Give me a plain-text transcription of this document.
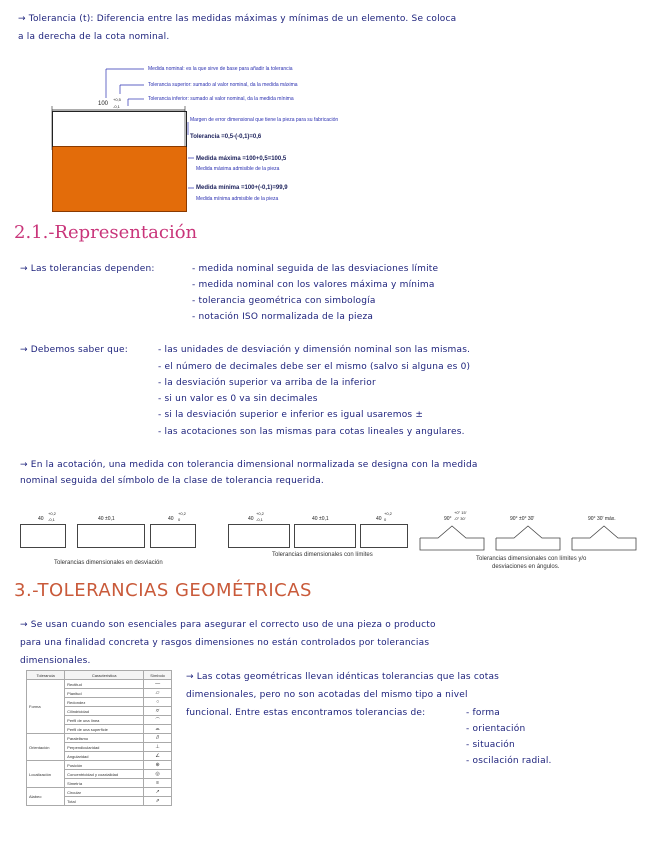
→ Tolerancia (t): Diferencia entre las medidas máximas y mínimas de un elemento. Se coloca
a la derecha de la cota nominal.
100
+0,5
-0,1
Medida nominal: es la que sirve de base para añadir la tolerancia
Tolerancia superior: sumado al valor nominal, da la medida máxima
Tolerancia inferior: sumado al valor nominal, da la medida mínima
Margen de error dimensional que tiene la pieza para su fabricación
Tolerancia =0,5-(-0,1)=0,6
Medida máxima =100+0,5=100,5
Medida máxima admisible de la pieza
Medida mínima =100+(-0,1)=99,9
Medida mínima admisible de la pieza
2.1.-Representación
→ Las tolerancias dependen:	- medida nominal seguida de las desviaciones límite
- medida nominal con los valores máxima y mínima
- tolerancia geométrica con simbología
- notación ISO normalizada de la pieza
→ Debemos saber que:	- las unidades de desviación y dimensión nominal son las mismas.
- el número de decimales debe ser el mismo (salvo si alguna es 0)
- la desviación superior va arriba de la inferior
- si un valor es 0 va sin decimales
- si la desviación superior e inferior es igual usaremos ±
- las acotaciones son las mismas para cotas lineales y angulares.
→ En la acotación, una medida con tolerancia dimensional normalizada se designa con la medida
nominal seguida del símbolo de la clase de tolerancia requerida.
40
+0,2
-0,1	40 ±0,1	40
+0,2
0	40
+0,2
-0,1	40 ±0,1	40
+0,2
0	90°
+0° 15'
-0° 30'	90° ±0° 30'	90° 30' máx.
Tolerancias dimensionales en desviación
Tolerancias dimensionales con límites
Tolerancias dimensionales con límites y/o
desviaciones en ángulos.
3.-TOLERANCIAS GEOMÉTRICAS
→ Se usan cuando son esenciales para asegurar el correcto uso de una pieza o producto
para una finalidad concreta y rasgos dimensiones no están controlados por tolerancias
dimensionales.
→ Las cotas geométricas llevan idénticas tolerancias que las cotas
dimensionales, pero no son acotadas del mismo tipo a nivel
funcional. Entre estas encontramos tolerancias de:	- forma
- orientación
- situación
- oscilación radial.
Tolerancia	Característica	Símbolo
Forma	Rectitud	—
	Planitud	▱
	Redondez	○
	Cilindricidad	⌭
	Perfil de una línea	⌒
	Perfil de una superficie	⌓
Orientación	Paralelismo	//
	Perpendicularidad	⊥
	Angularidad	∠
Localización	Posición	⊕
	Concentricidad y coaxialidad	◎
	Simetría	≡
Alabeo	Circular	↗
	Total	⇗
